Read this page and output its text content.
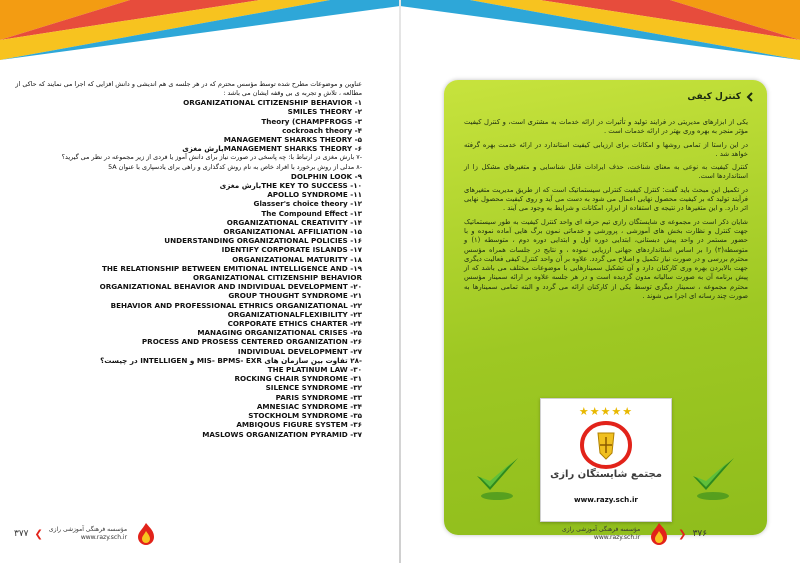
عناوین و موضوعات مطرح شده توسط مؤسس محترم که در هر جلسه ی هم اندیشی و دانش افزایی که اجرا می نمایند که حاکی از مطالعه ، تلاش و تجربه ی بی وقفه ایشان می باشد :
ORGANIZATIONAL CITIZENSHIP BEHAVIOR -۱
SMILES THEORY -۲
Theory (CHAMPFROGS -۳
cockroach theory -۴
MANAGEMENT SHARKS THEORY -۵
MANAGEMENT SHARKS THEORY -۶بارش مغزی
-۷ بارش مغزی در ارتباط با: چه پاسخی در صورت نیاز برای دانش آموز یا فردی از زیر مجموعه در نظر می گیرید؟
-۸ مدلی از روش برخورد با افراد خاص به نام روش کدگذاری و راهی برای یادسپاری با عنوان 5A
DOLPHIN LOOK -۹
THE KEY TO SUCCESS -۱۰بارش مغزی
APOLLO SYNDROME -۱۱
Glasser's choice theory -۱۲
The Compound Effect -۱۳
ORGANIZATIONAL CREATIVITY -۱۴
ORGANIZATIONAL AFFILIATION -۱۵
UNDERSTANDING ORGANIZATIONAL POLICIES -۱۶
IDENTIFY CORPORATE ISLANDS -۱۷
ORGANIZATIONAL MATURITY -۱۸
THE RELATIONSHIP BETWEEN EMITIONAL INTELLIGENCE AND -۱۹
ORGANIZATIONAL CITIZENSHIP BEHAVIOR
ORGANIZATIONAL BEHAVIOR AND INDIVIDUAL DEVELOPMENT -۲۰
GROUP THOUGHT SYNDROME -۲۱
BEHAVIOR AND PROFESSIONAL ETHRICS ORGANIZATIONAL -۲۲
ORGANIZATIONALFLEXIBILITY -۲۳
CORPORATE ETHICS CHARTER -۲۴
MANAGING ORGANIZATIONAL CRISES -۲۵
PROCESS AND PROSESS CENTERED ORGANIZATION -۲۶
INDIVIDUAL DEVELOPMENT -۲۷
-۲۸ تفاوت بین سازمان های MIS- BPMS- EXR و INTELLIGEN در چیست؟
THE PLATINUM LAW -۳۰
ROCKING CHAIR SYNDROME -۳۱
SILENCE SYNDROME -۳۲
PARIS SYNDROME -۳۳
AMNESIAC SYNDROME -۳۴
STOCKHOLM SYNDROME -۳۵
AMBIQOUS FIGURE SYSTEM -۳۶
MASLOWS ORGANIZATION PYRAMID -۳۷
۳۷۷ ❮ مؤسسه فرهنگی آموزشی رازی
www.razy.sch.ir
کنترل کیفی

یکی از ابزارهای مدیریتی در فرایند تولید و تأثیرات در ارائه خدمات به مشتری است، و کنترل کیفیت مؤثر منجر به بهره وری بهتر در ارائه خدمات است .

در این راستا از تمامی روشها و امکانات برای ارزیابی کیفیت استاندارد در ارائه خدمت بهره گرفته خواهد شد .

کنترل کیفیت به نوعی به معنای شناخت، حذف ایرادات قابل شناسایی و متغیرهای مشکل زا از استانداردها است.

در تکمیل این مبحث باید گفت: کنترل کیفیت کنترلی سیستماتیک است که از طریق مدیریت متغیرهای فرآیند تولید که بر کیفیت محصول نهایی اعمال می شود به دست می آید و روی کیفیت محصول نهایی اثر دارد. و این متغیرها در نتیجه ی استفاده از ابزار، امکانات و شرایط به وجود می آیند .

شایان ذکر است در مجموعه ی شایستگان رازی تیم حرفه ای واحد کنترل کیفیت به طور سیستماتیک جهت کنترل و نظارت بخش های آموزشی ، پرورشی و خدماتی نمون برگ هایی آماده نموده و با حضور مستمر در واحد پیش دبستانی، ابتدایی دوره اول و ابتدایی دوره دوم ، متوسطه (۱) و متوسطه(۲) را بر اساس استانداردهای جهانی ارزیابی نموده ، و نتایج در جلسات همراه مؤسس محترم بررسی و در صورت نیاز تکمیل و اصلاح می گردد. علاوه بر آن واحد کنترل کیفی فعالیت دیگری جهت بالابردن بهره وری کارکنان دارد و آن تشکیل سمینارهایی با موضوعات مختلف می باشد که از پیش برنامه آن به صورت سالیانه مدون گردیده است و در هر جلسه علاوه بر ارائه سمینار مؤسس محترم مجموعه ، سمینار دیگری توسط یکی از کارکنان ارائه می گردد و البته تمامی سمینارها به صورت چند رسانه ای اجرا می شوند .

★★★★★
مجتمع شایستگان رازی
www.razy.sch.ir
مؤسسه فرهنگی آموزشی رازی
www.razy.sch.ir	❯ ۳۷۶
